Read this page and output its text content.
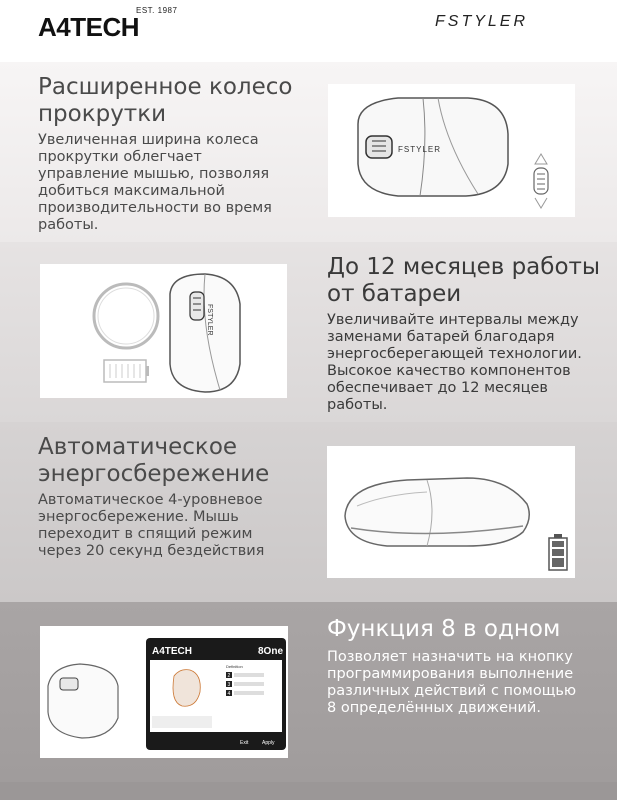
EST. 1987
A4TECH	FSTYLER
Расширенное колесо
прокрутки
Увеличенная ширина колеса
прокрутки облегчает
управление мышью, позволяя
добиться максимальной
производительности во время
работы.
FSTYLER
FSTYLER
До 12 месяцев работы
от батареи
Увеличивайте интервалы между
заменами батарей благодаря
энергосберегающей технологии.
Высокое качество компонентов
обеспечивает до 12 месяцев
работы.
Автоматическое
энергосбережение
Автоматическое 4-уровневое
энергосбережение. Мышь
переходит в спящий режим
через 20 секунд бездействия
A4TECH	8One
Definition
2
3
4
Exit	Apply
Функция 8 в одном
Позволяет назначить на кнопку
программирования выполнение
различных действий с помощью
8 определённых движений.
